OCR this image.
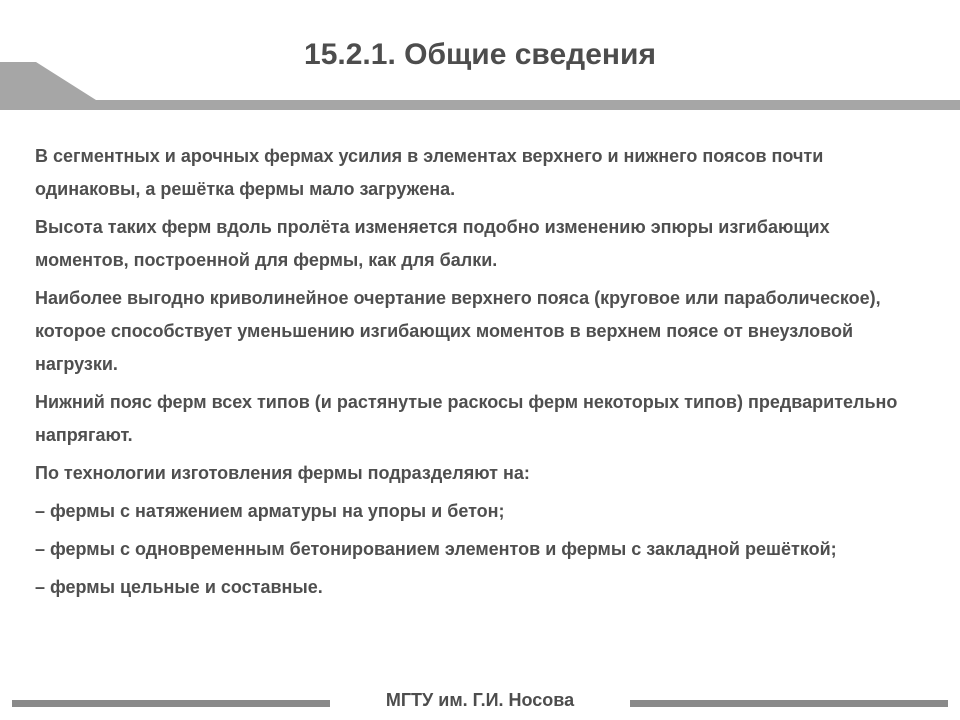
15.2.1. Общие сведения

В сегментных и арочных фермах усилия в элементах верхнего и нижнего поясов почти одинаковы, а решётка фермы мало загружена.

Высота таких ферм вдоль пролёта изменяется подобно изменению эпюры изгибающих моментов, построенной для фермы, как для балки.

Наиболее выгодно криволинейное очертание верхнего пояса (круговое или параболическое), которое способствует уменьшению изгибающих моментов в верхнем поясе от внеузловой нагрузки.

Нижний пояс ферм всех типов (и растянутые раскосы ферм некоторых типов) предварительно напрягают.

По технологии изготовления фермы подразделяют на:

– фермы с натяжением арматуры на упоры и бетон;
– фермы с одновременным бетонированием элементов и фермы с закладной решёткой;
– фермы цельные и составные.

МГТУ им. Г.И. Носова
